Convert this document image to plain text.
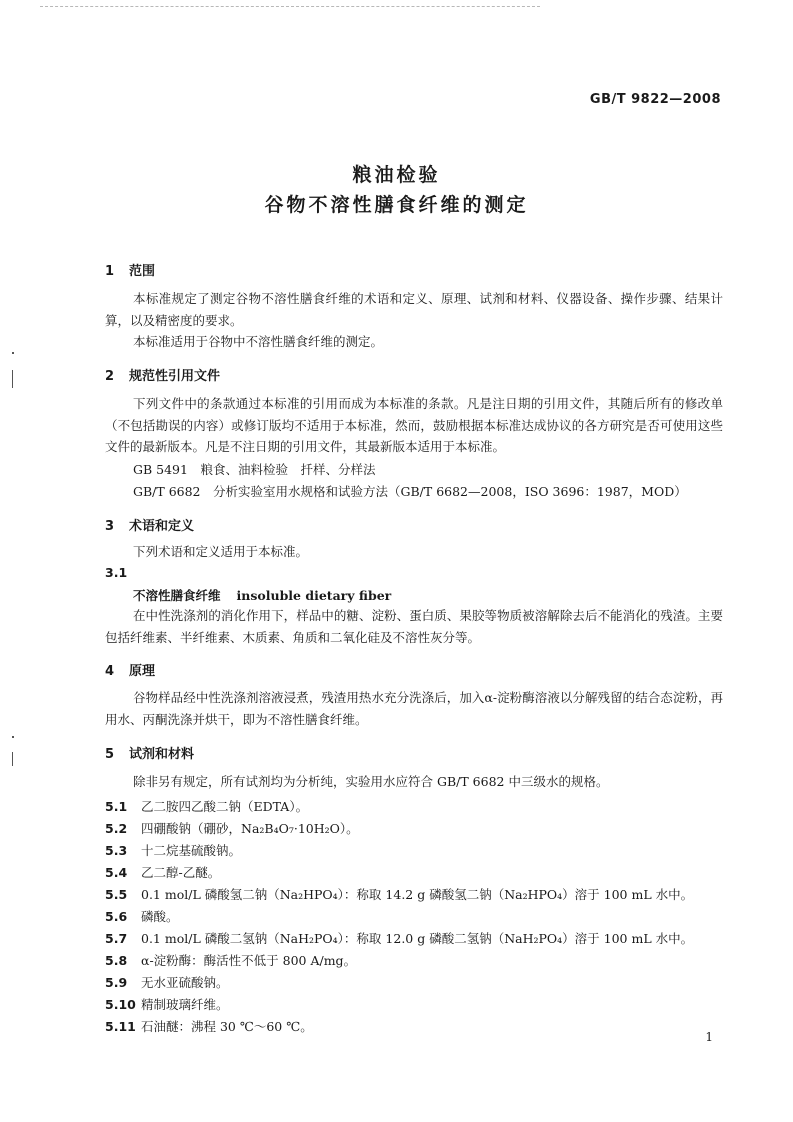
GB/T 9822—2008
粮油检验
谷物不溶性膳食纤维的测定
1 范围
本标准规定了测定谷物不溶性膳食纤维的术语和定义、原理、试剂和材料、仪器设备、操作步骤、结果计算，以及精密度的要求。
本标准适用于谷物中不溶性膳食纤维的测定。
2 规范性引用文件
下列文件中的条款通过本标准的引用而成为本标准的条款。凡是注日期的引用文件，其随后所有的修改单（不包括勘误的内容）或修订版均不适用于本标准，然而，鼓励根据本标准达成协议的各方研究是否可使用这些文件的最新版本。凡是不注日期的引用文件，其最新版本适用于本标准。
GB 5491　粮食、油料检验　扦样、分样法
GB/T 6682　分析实验室用水规格和试验方法（GB/T 6682—2008，ISO 3696：1987，MOD）
3 术语和定义
下列术语和定义适用于本标准。
3.1
不溶性膳食纤维 insoluble dietary fiber
在中性洗涤剂的消化作用下，样品中的糖、淀粉、蛋白质、果胶等物质被溶解除去后不能消化的残渣。主要包括纤维素、半纤维素、木质素、角质和二氧化硅及不溶性灰分等。
4 原理
谷物样品经中性洗涤剂溶液浸煮，残渣用热水充分洗涤后，加入α-淀粉酶溶液以分解残留的结合态淀粉，再用水、丙酮洗涤并烘干，即为不溶性膳食纤维。
5 试剂和材料
除非另有规定，所有试剂均为分析纯，实验用水应符合 GB/T 6682 中三级水的规格。
5.1 乙二胺四乙酸二钠（EDTA）。
5.2 四硼酸钠（硼砂，Na₂B₄O₇·10H₂O）。
5.3 十二烷基硫酸钠。
5.4 乙二醇-乙醚。
5.5 0.1 mol/L 磷酸氢二钠（Na₂HPO₄）：称取 14.2 g 磷酸氢二钠（Na₂HPO₄）溶于 100 mL 水中。
5.6 磷酸。
5.7 0.1 mol/L 磷酸二氢钠（NaH₂PO₄）：称取 12.0 g 磷酸二氢钠（NaH₂PO₄）溶于 100 mL 水中。
5.8 α-淀粉酶：酶活性不低于 800 A/mg。
5.9 无水亚硫酸钠。
5.10 精制玻璃纤维。
5.11 石油醚：沸程 30 ℃～60 ℃。
1
